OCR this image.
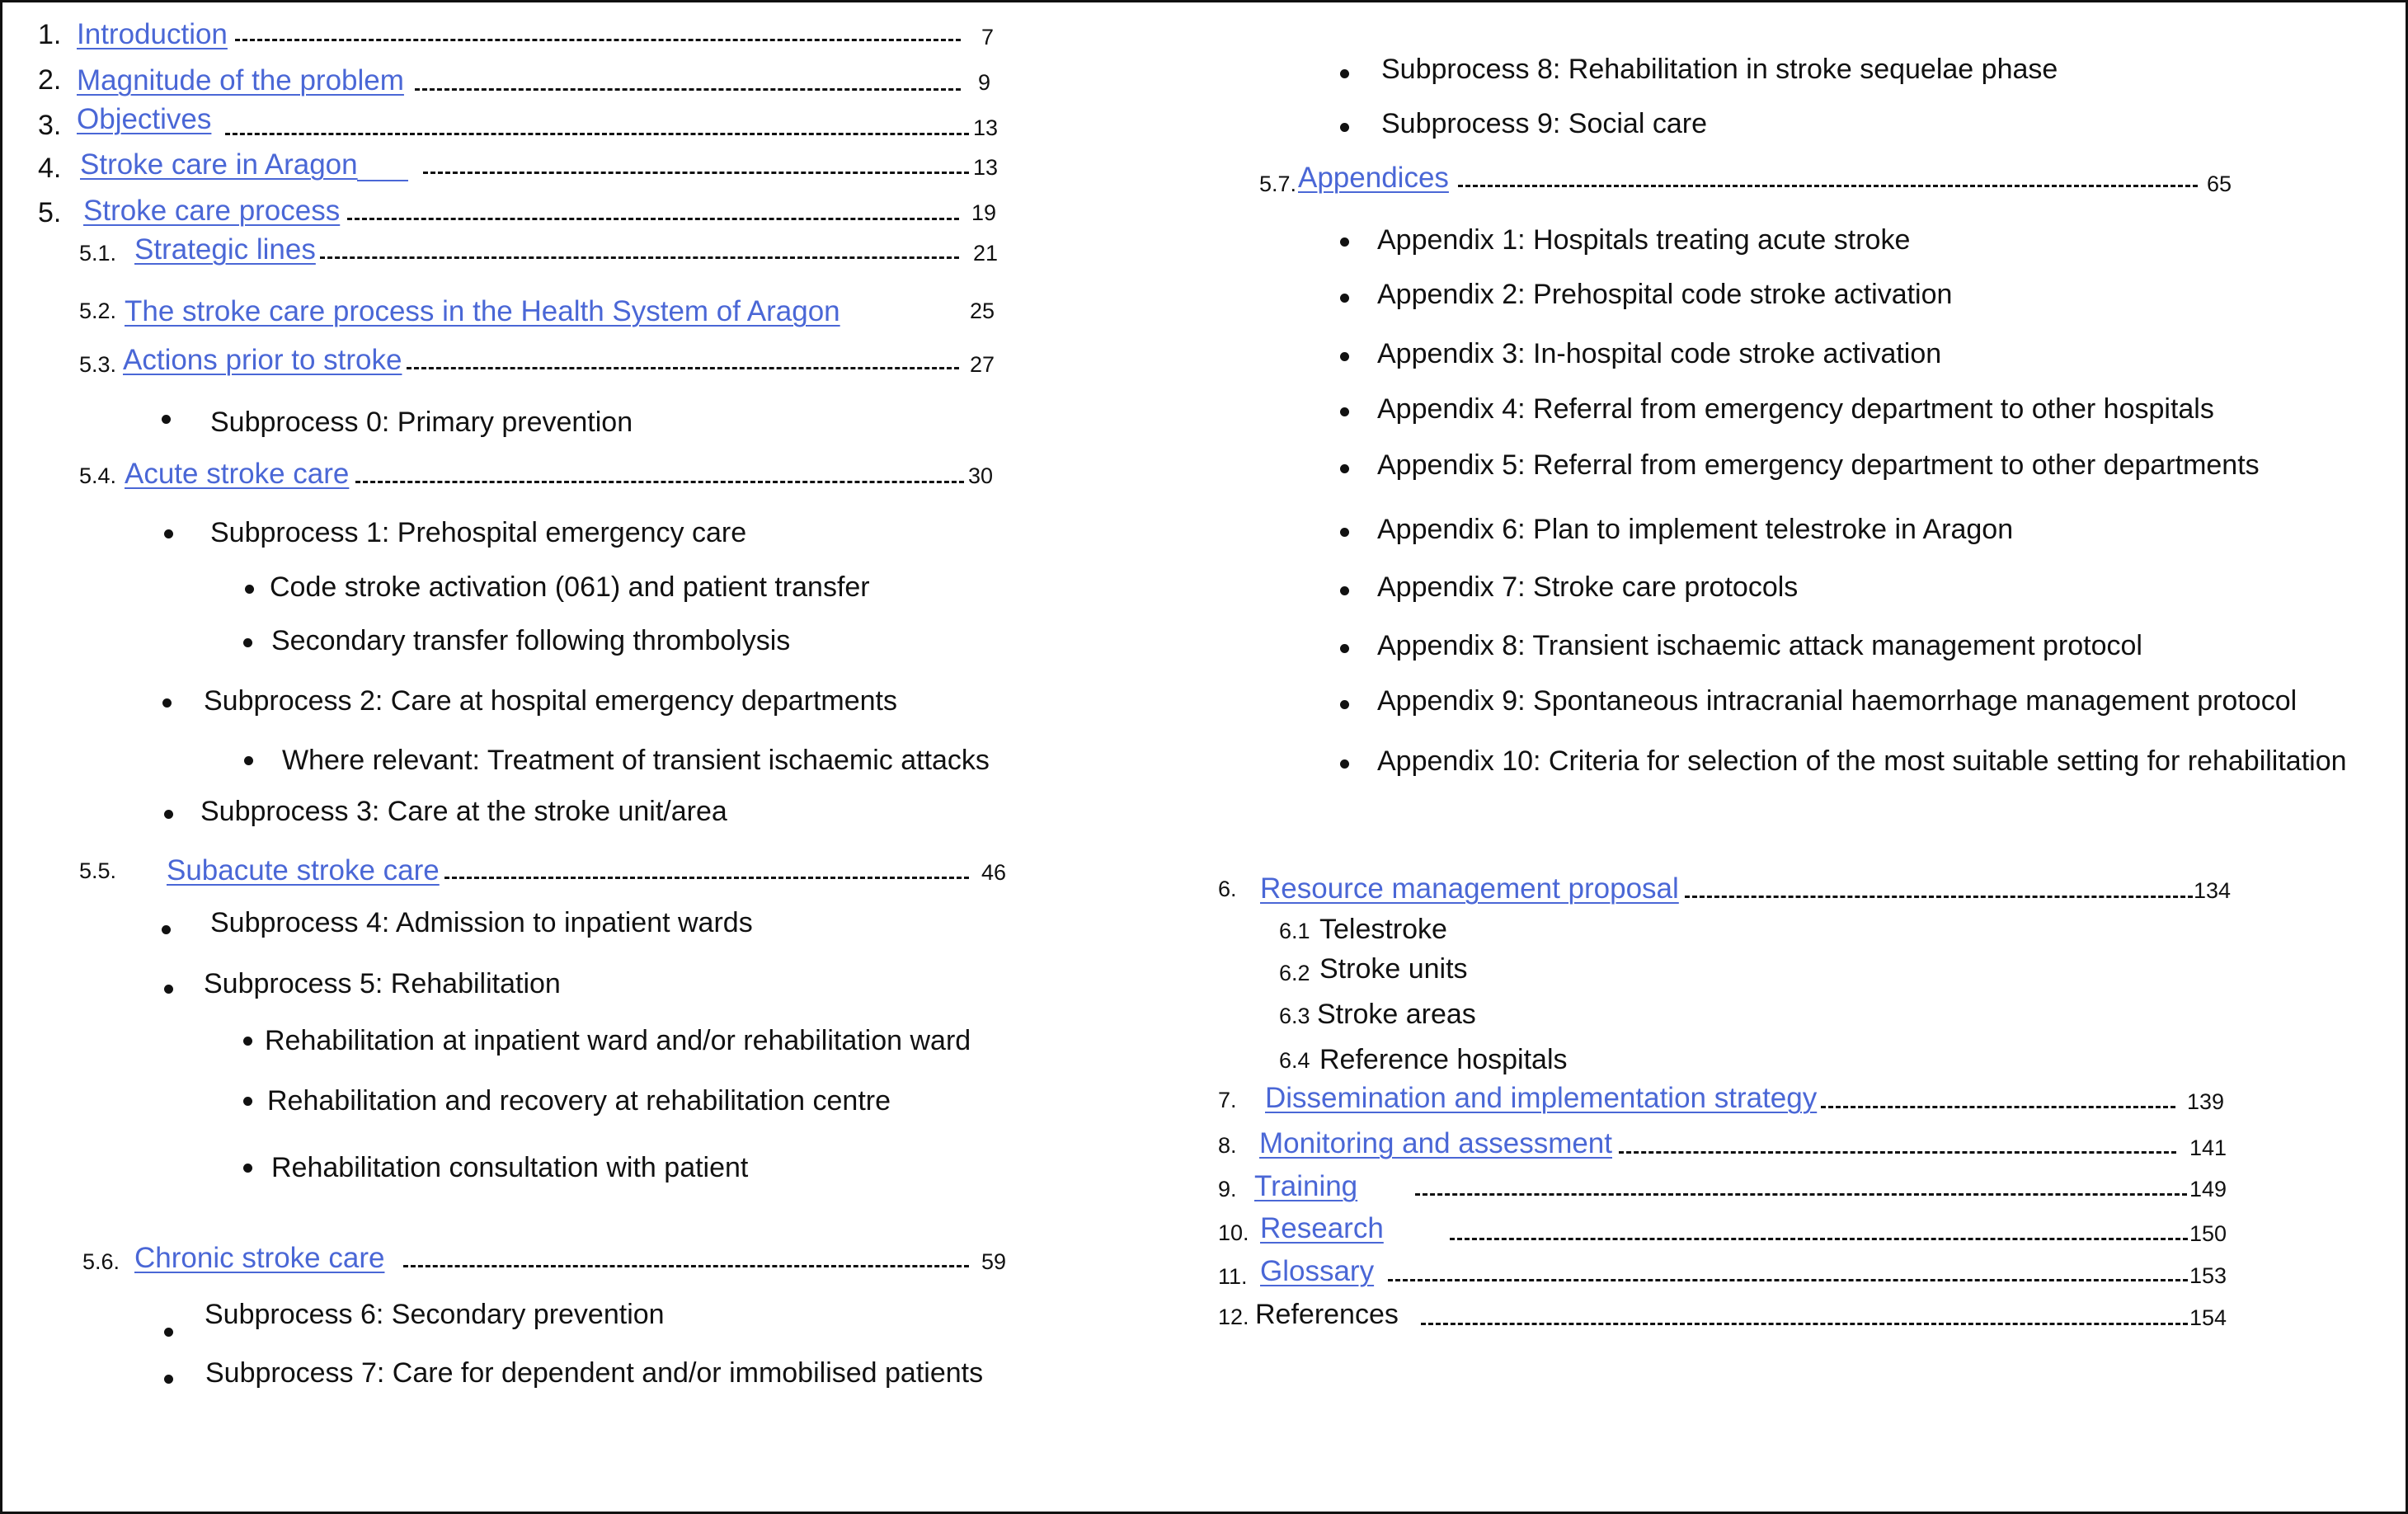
1. Introduction	7
2. Magnitude of the problem	9
3. Objectives	13
4. Stroke care in Aragon	13
5. Stroke care process	19
5.1. Strategic lines	21
5.2. The stroke care process in the Health System of Aragon	25
5.3. Actions prior to stroke	27
Subprocess 0: Primary prevention
5.4. Acute stroke care	30
Subprocess 1: Prehospital emergency care
Code stroke activation (061) and patient transfer
Secondary transfer following thrombolysis
Subprocess 2: Care at hospital emergency departments
Where relevant: Treatment of transient ischaemic attacks
Subprocess 3: Care at the stroke unit/area
5.5. Subacute stroke care	46
Subprocess 4: Admission to inpatient wards
Subprocess 5: Rehabilitation
Rehabilitation at inpatient ward and/or rehabilitation ward
Rehabilitation and recovery at rehabilitation centre
Rehabilitation consultation with patient
5.6. Chronic stroke care	59
Subprocess 6: Secondary prevention
Subprocess 7: Care for dependent and/or immobilised patients
Subprocess 8: Rehabilitation in stroke sequelae phase
Subprocess 9: Social care
5.7. Appendices	65
Appendix 1: Hospitals treating acute stroke
Appendix 2: Prehospital code stroke activation
Appendix 3: In-hospital code stroke activation
Appendix 4: Referral from emergency department to other hospitals
Appendix 5: Referral from emergency department to other departments
Appendix 6: Plan to implement telestroke in Aragon
Appendix 7: Stroke care protocols
Appendix 8: Transient ischaemic attack management protocol
Appendix 9: Spontaneous intracranial haemorrhage management protocol
Appendix 10: Criteria for selection of the most suitable setting for rehabilitation
6. Resource management proposal	134
6.1 Telestroke
6.2 Stroke units
6.3 Stroke areas
6.4 Reference hospitals
7. Dissemination and implementation strategy	139
8. Monitoring and assessment	141
9. Training	149
10. Research	150
11. Glossary	153
12. References	154
